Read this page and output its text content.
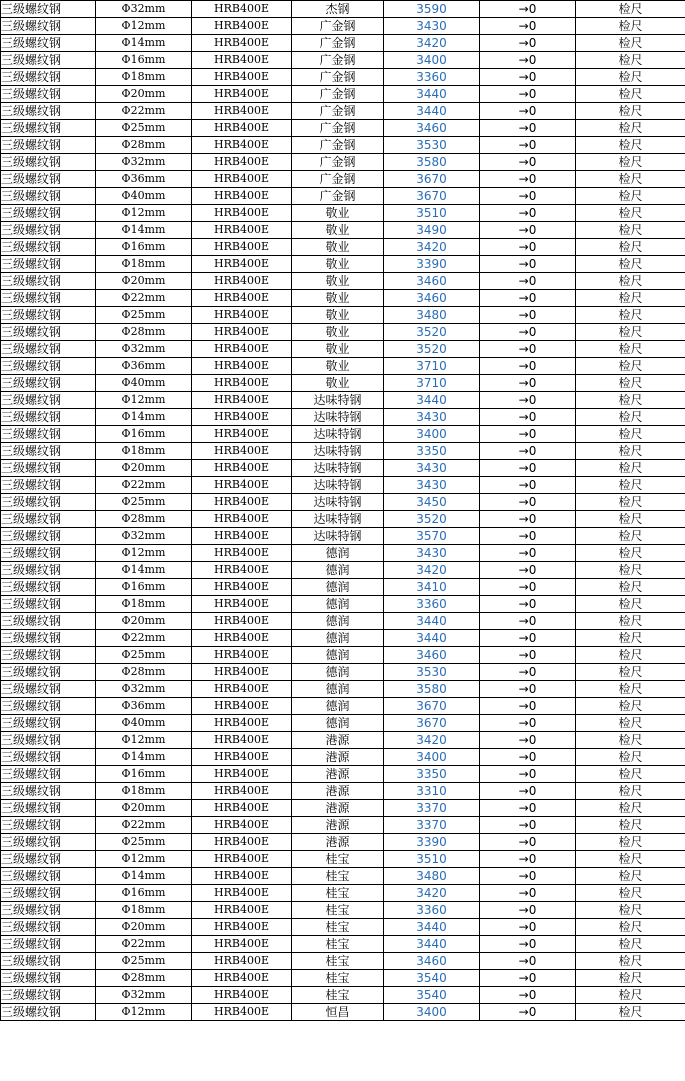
三级螺纹钢	Φ32mm	HRB400E	杰钢	3590	→0	检尺
三级螺纹钢	Φ12mm	HRB400E	广金钢	3430	→0	检尺
三级螺纹钢	Φ14mm	HRB400E	广金钢	3420	→0	检尺
三级螺纹钢	Φ16mm	HRB400E	广金钢	3400	→0	检尺
三级螺纹钢	Φ18mm	HRB400E	广金钢	3360	→0	检尺
三级螺纹钢	Φ20mm	HRB400E	广金钢	3440	→0	检尺
三级螺纹钢	Φ22mm	HRB400E	广金钢	3440	→0	检尺
三级螺纹钢	Φ25mm	HRB400E	广金钢	3460	→0	检尺
三级螺纹钢	Φ28mm	HRB400E	广金钢	3530	→0	检尺
三级螺纹钢	Φ32mm	HRB400E	广金钢	3580	→0	检尺
三级螺纹钢	Φ36mm	HRB400E	广金钢	3670	→0	检尺
三级螺纹钢	Φ40mm	HRB400E	广金钢	3670	→0	检尺
三级螺纹钢	Φ12mm	HRB400E	敬业	3510	→0	检尺
三级螺纹钢	Φ14mm	HRB400E	敬业	3490	→0	检尺
三级螺纹钢	Φ16mm	HRB400E	敬业	3420	→0	检尺
三级螺纹钢	Φ18mm	HRB400E	敬业	3390	→0	检尺
三级螺纹钢	Φ20mm	HRB400E	敬业	3460	→0	检尺
三级螺纹钢	Φ22mm	HRB400E	敬业	3460	→0	检尺
三级螺纹钢	Φ25mm	HRB400E	敬业	3480	→0	检尺
三级螺纹钢	Φ28mm	HRB400E	敬业	3520	→0	检尺
三级螺纹钢	Φ32mm	HRB400E	敬业	3520	→0	检尺
三级螺纹钢	Φ36mm	HRB400E	敬业	3710	→0	检尺
三级螺纹钢	Φ40mm	HRB400E	敬业	3710	→0	检尺
三级螺纹钢	Φ12mm	HRB400E	达味特钢	3440	→0	检尺
三级螺纹钢	Φ14mm	HRB400E	达味特钢	3430	→0	检尺
三级螺纹钢	Φ16mm	HRB400E	达味特钢	3400	→0	检尺
三级螺纹钢	Φ18mm	HRB400E	达味特钢	3350	→0	检尺
三级螺纹钢	Φ20mm	HRB400E	达味特钢	3430	→0	检尺
三级螺纹钢	Φ22mm	HRB400E	达味特钢	3430	→0	检尺
三级螺纹钢	Φ25mm	HRB400E	达味特钢	3450	→0	检尺
三级螺纹钢	Φ28mm	HRB400E	达味特钢	3520	→0	检尺
三级螺纹钢	Φ32mm	HRB400E	达味特钢	3570	→0	检尺
三级螺纹钢	Φ12mm	HRB400E	德润	3430	→0	检尺
三级螺纹钢	Φ14mm	HRB400E	德润	3420	→0	检尺
三级螺纹钢	Φ16mm	HRB400E	德润	3410	→0	检尺
三级螺纹钢	Φ18mm	HRB400E	德润	3360	→0	检尺
三级螺纹钢	Φ20mm	HRB400E	德润	3440	→0	检尺
三级螺纹钢	Φ22mm	HRB400E	德润	3440	→0	检尺
三级螺纹钢	Φ25mm	HRB400E	德润	3460	→0	检尺
三级螺纹钢	Φ28mm	HRB400E	德润	3530	→0	检尺
三级螺纹钢	Φ32mm	HRB400E	德润	3580	→0	检尺
三级螺纹钢	Φ36mm	HRB400E	德润	3670	→0	检尺
三级螺纹钢	Φ40mm	HRB400E	德润	3670	→0	检尺
三级螺纹钢	Φ12mm	HRB400E	港源	3420	→0	检尺
三级螺纹钢	Φ14mm	HRB400E	港源	3400	→0	检尺
三级螺纹钢	Φ16mm	HRB400E	港源	3350	→0	检尺
三级螺纹钢	Φ18mm	HRB400E	港源	3310	→0	检尺
三级螺纹钢	Φ20mm	HRB400E	港源	3370	→0	检尺
三级螺纹钢	Φ22mm	HRB400E	港源	3370	→0	检尺
三级螺纹钢	Φ25mm	HRB400E	港源	3390	→0	检尺
三级螺纹钢	Φ12mm	HRB400E	桂宝	3510	→0	检尺
三级螺纹钢	Φ14mm	HRB400E	桂宝	3480	→0	检尺
三级螺纹钢	Φ16mm	HRB400E	桂宝	3420	→0	检尺
三级螺纹钢	Φ18mm	HRB400E	桂宝	3360	→0	检尺
三级螺纹钢	Φ20mm	HRB400E	桂宝	3440	→0	检尺
三级螺纹钢	Φ22mm	HRB400E	桂宝	3440	→0	检尺
三级螺纹钢	Φ25mm	HRB400E	桂宝	3460	→0	检尺
三级螺纹钢	Φ28mm	HRB400E	桂宝	3540	→0	检尺
三级螺纹钢	Φ32mm	HRB400E	桂宝	3540	→0	检尺
三级螺纹钢	Φ12mm	HRB400E	恒昌	3400	→0	检尺
